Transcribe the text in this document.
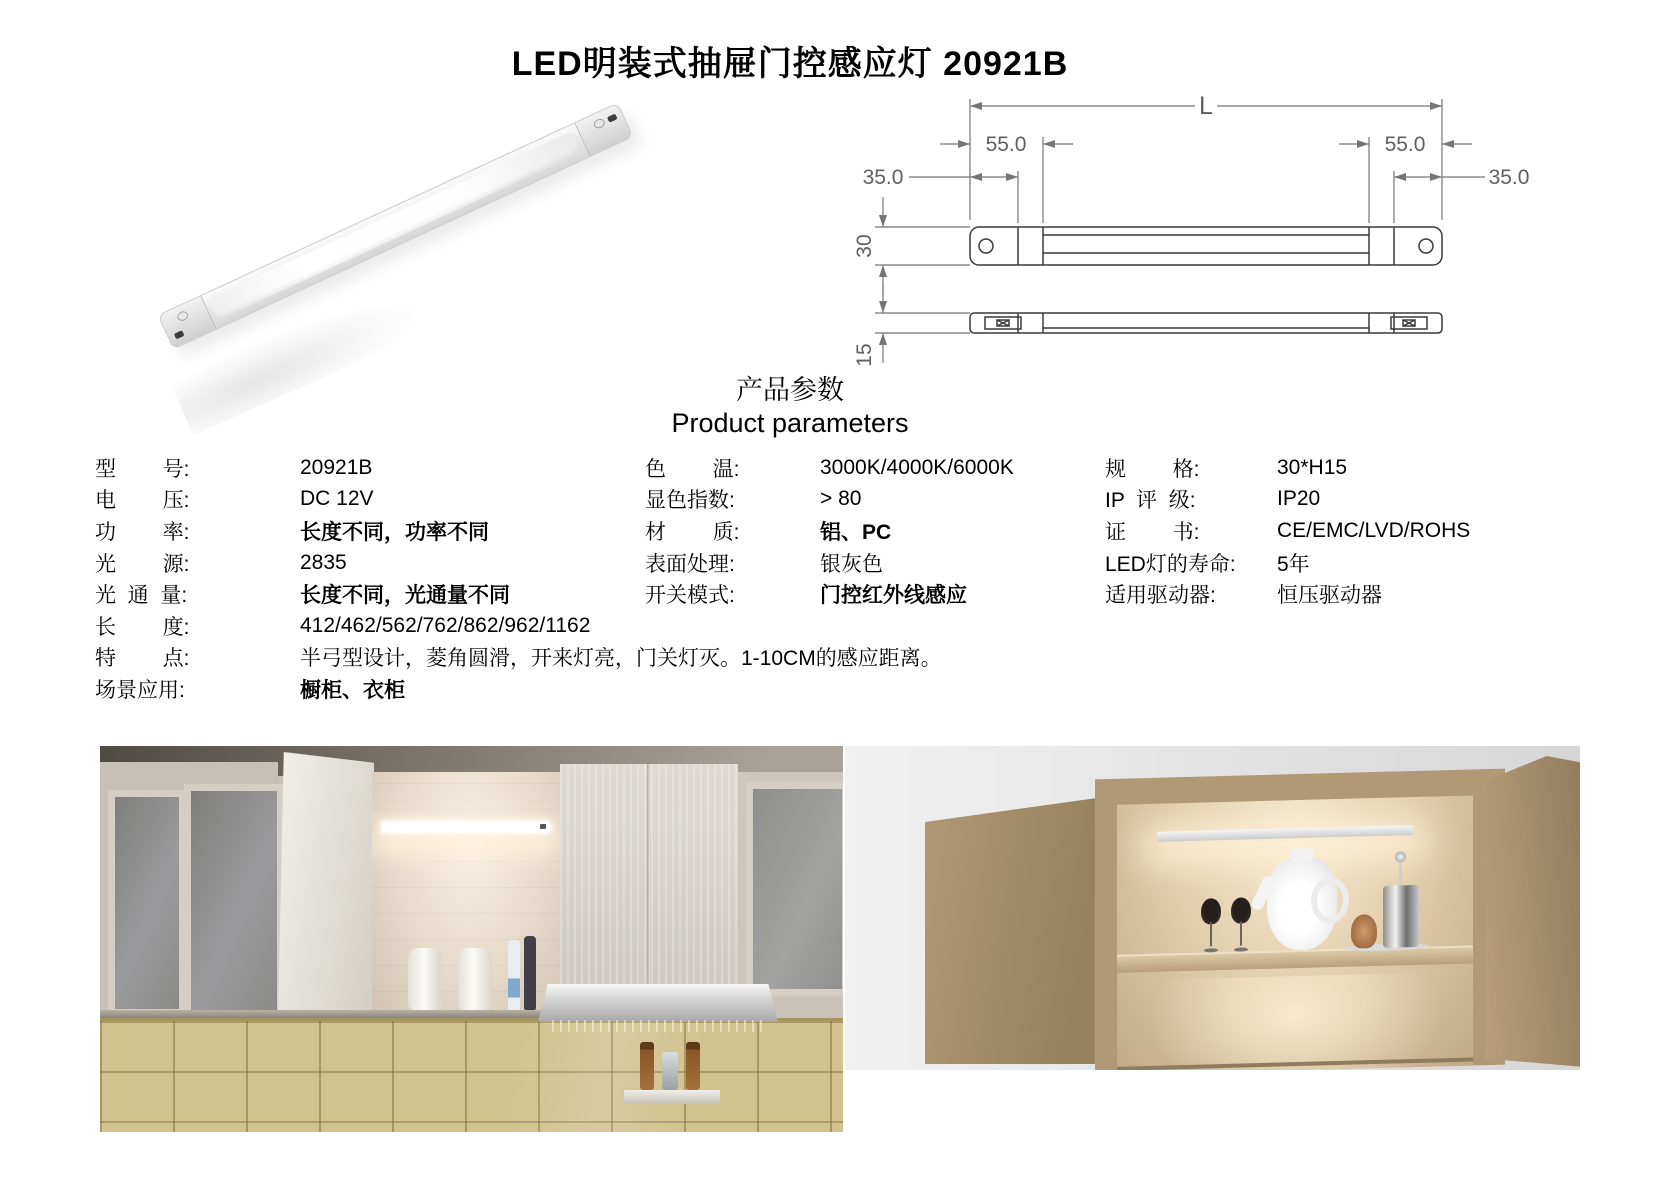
LED明装式抽屉门控感应灯 20921B
L
55.0	55.0
35.0	35.0
30
15
产品参数
Product parameters
型        号:	20921B
电        压:	DC 12V
功        率:	长度不同，功率不同
光        源:	2835
光  通  量:	长度不同，光通量不同
长        度:	412/462/562/762/862/962/1162
特        点:	半弓型设计，菱角圆滑，开来灯亮，门关灯灭。1-10CM的感应距离。
场景应用:	橱柜、衣柜
色        温:	3000K/4000K/6000K
显色指数:	> 80
材        质:	铝、PC
表面处理:	银灰色
开关模式:	门控红外线感应
规        格:	30*H15
IP  评  级:	IP20
证        书:	CE/EMC/LVD/ROHS
LED灯的寿命:	5年
适用驱动器:	恒压驱动器
